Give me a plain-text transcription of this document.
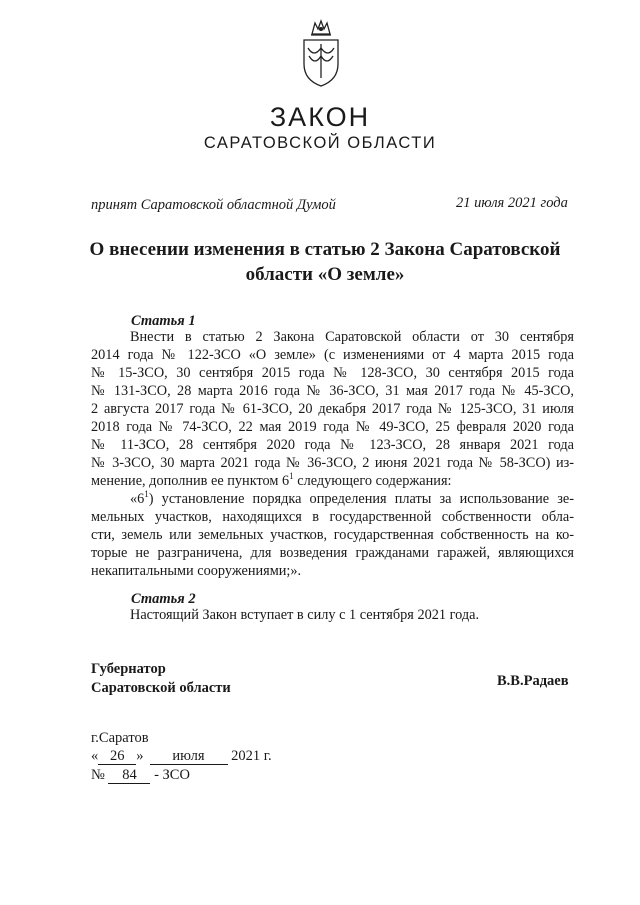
ЗАКОН
САРАТОВСКОЙ ОБЛАСТИ
принят Саратовской областной Думой	21 июля 2021 года
О внесении изменения в статью 2 Закона Саратовской
области «О земле»
Статья 1
Внести в статью 2 Закона Саратовской области от 30 сентября
2014 года № 122-ЗСО «О земле» (с изменениями от 4 марта 2015 года
№ 15-ЗСО, 30 сентября 2015 года № 128-ЗСО, 30 сентября 2015 года
№ 131-ЗСО, 28 марта 2016 года № 36-ЗСО, 31 мая 2017 года № 45-ЗСО,
2 августа 2017 года № 61-ЗСО, 20 декабря 2017 года № 125-ЗСО, 31 июля
2018 года № 74-ЗСО, 22 мая 2019 года № 49-ЗСО, 25 февраля 2020 года
№ 11-ЗСО, 28 сентября 2020 года № 123-ЗСО, 28 января 2021 года
№ 3-ЗСО, 30 марта 2021 года № 36-ЗСО, 2 июня 2021 года № 58-ЗСО) из-
менение, дополнив ее пунктом $6^1$ следующего содержания:
«$6^1$) установление порядка определения платы за использование зе-
мельных участков, находящихся в государственной собственности обла-
сти, земель или земельных участков, государственная собственность на ко-
торые не разграничена, для возведения гражданами гаражей, являющихся
некапитальными сооружениями;».
Статья 2
Настоящий Закон вступает в силу с 1 сентября 2021 года.
Губернатор
Саратовской области	В.В.Радаев
г.Саратов
« 26 » июля 2021 г.
№ 84 - ЗСО
